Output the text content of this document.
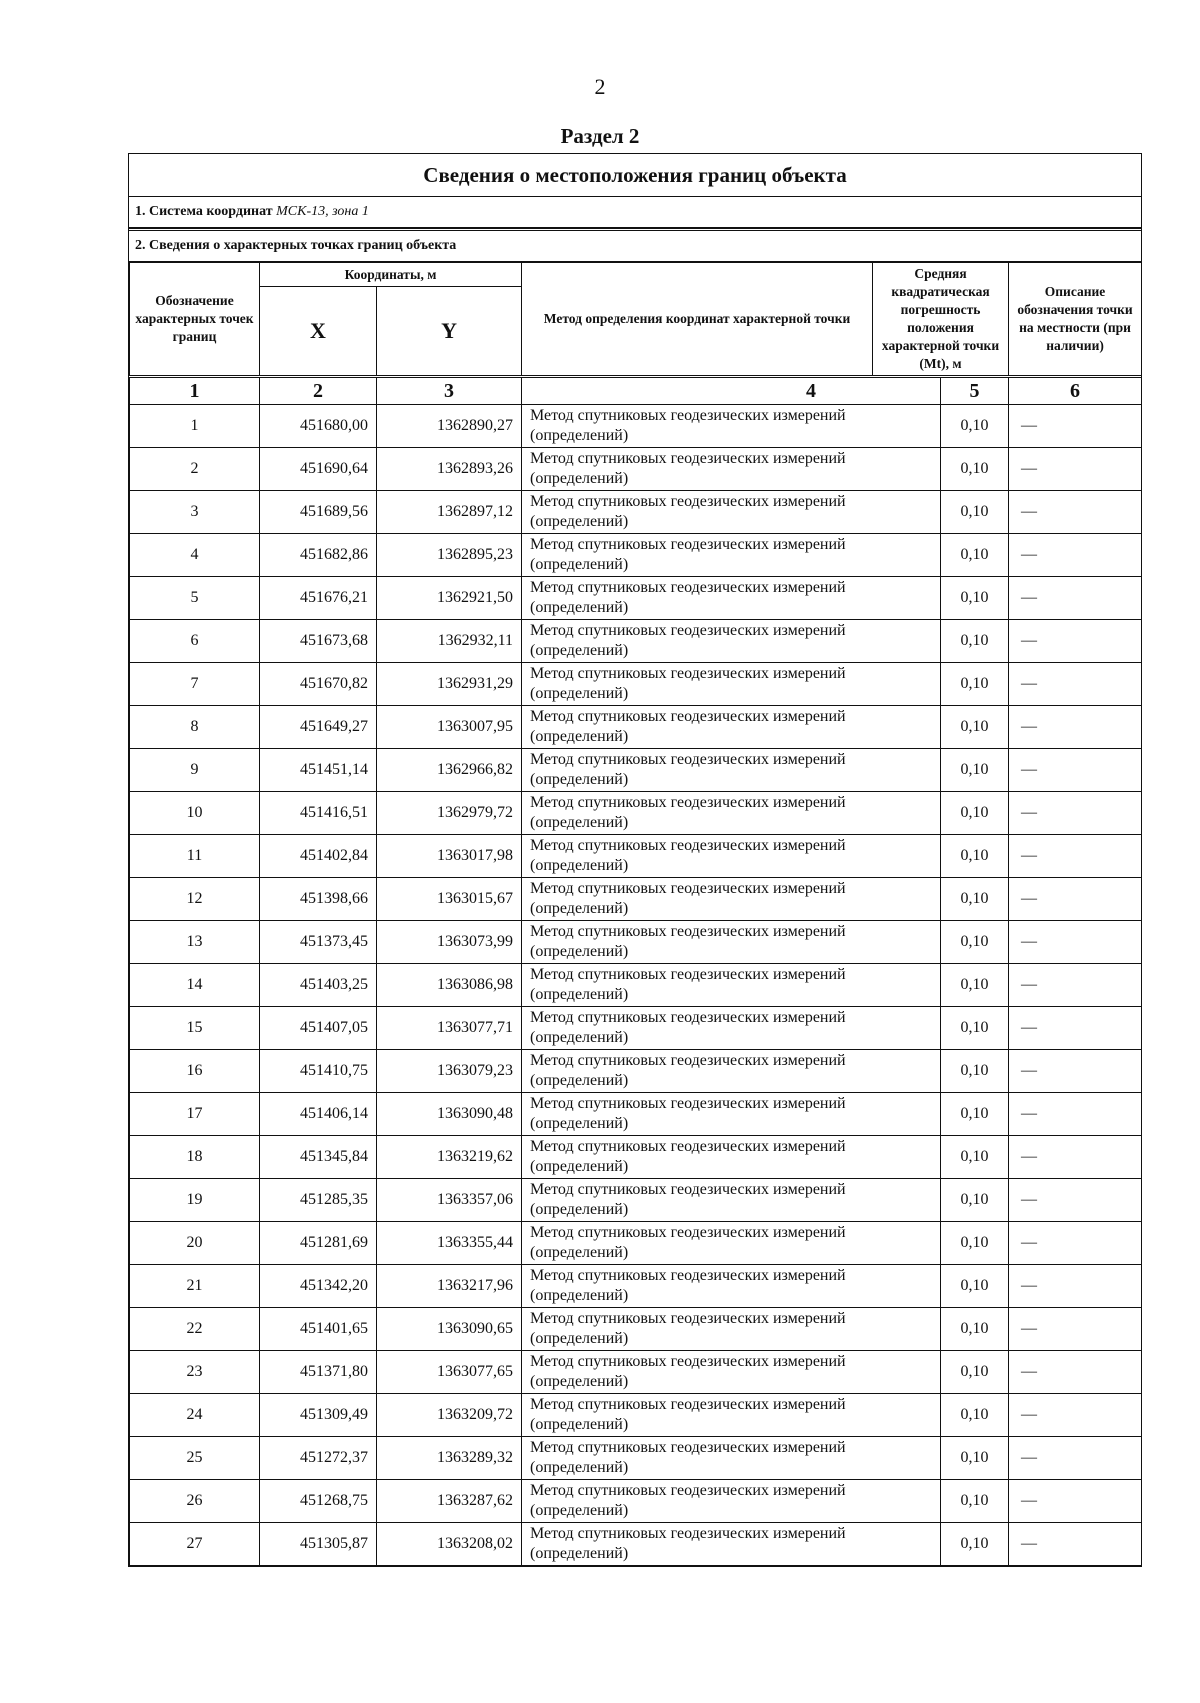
2
Раздел 2
Сведения о местоположения границ объекта
1. Система координат МСК-13, зона 1
2. Сведения о характерных точках границ объекта
Обозначение характерных точек границ	Координаты, м		Метод определения координат характерной точки	Средняя квадратическая погрешность положения характерной точки (Mt), м		Описание обозначения точки на местности (при наличии)
	X	Y				
1	2	3	4		5	6
1	451680,00	1362890,27	Метод спутниковых геодезических измерений (определений)		0,10	—
2	451690,64	1362893,26	Метод спутниковых геодезических измерений (определений)		0,10	—
3	451689,56	1362897,12	Метод спутниковых геодезических измерений (определений)		0,10	—
4	451682,86	1362895,23	Метод спутниковых геодезических измерений (определений)		0,10	—
5	451676,21	1362921,50	Метод спутниковых геодезических измерений (определений)		0,10	—
6	451673,68	1362932,11	Метод спутниковых геодезических измерений (определений)		0,10	—
7	451670,82	1362931,29	Метод спутниковых геодезических измерений (определений)		0,10	—
8	451649,27	1363007,95	Метод спутниковых геодезических измерений (определений)		0,10	—
9	451451,14	1362966,82	Метод спутниковых геодезических измерений (определений)		0,10	—
10	451416,51	1362979,72	Метод спутниковых геодезических измерений (определений)		0,10	—
11	451402,84	1363017,98	Метод спутниковых геодезических измерений (определений)		0,10	—
12	451398,66	1363015,67	Метод спутниковых геодезических измерений (определений)		0,10	—
13	451373,45	1363073,99	Метод спутниковых геодезических измерений (определений)		0,10	—
14	451403,25	1363086,98	Метод спутниковых геодезических измерений (определений)		0,10	—
15	451407,05	1363077,71	Метод спутниковых геодезических измерений (определений)		0,10	—
16	451410,75	1363079,23	Метод спутниковых геодезических измерений (определений)		0,10	—
17	451406,14	1363090,48	Метод спутниковых геодезических измерений (определений)		0,10	—
18	451345,84	1363219,62	Метод спутниковых геодезических измерений (определений)		0,10	—
19	451285,35	1363357,06	Метод спутниковых геодезических измерений (определений)		0,10	—
20	451281,69	1363355,44	Метод спутниковых геодезических измерений (определений)		0,10	—
21	451342,20	1363217,96	Метод спутниковых геодезических измерений (определений)		0,10	—
22	451401,65	1363090,65	Метод спутниковых геодезических измерений (определений)		0,10	—
23	451371,80	1363077,65	Метод спутниковых геодезических измерений (определений)		0,10	—
24	451309,49	1363209,72	Метод спутниковых геодезических измерений (определений)		0,10	—
25	451272,37	1363289,32	Метод спутниковых геодезических измерений (определений)		0,10	—
26	451268,75	1363287,62	Метод спутниковых геодезических измерений (определений)		0,10	—
27	451305,87	1363208,02	Метод спутниковых геодезических измерений (определений)		0,10	—
